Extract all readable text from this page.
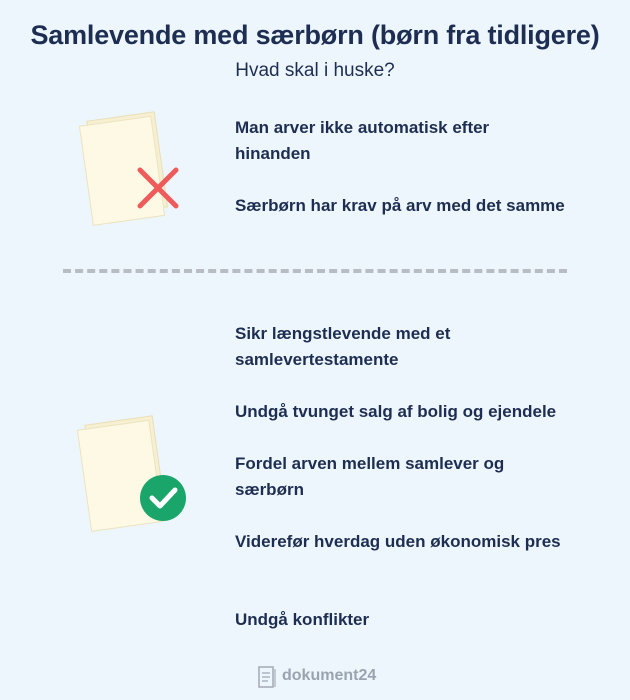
Samlevende med særbørn (børn fra tidligere)
Hvad skal i huske?
Man arver ikke automatisk efter hinanden
Særbørn har krav på arv med det samme
Sikr længstlevende med et samlevertestamente
Undgå tvunget salg af bolig og ejendele
Fordel arven mellem samlever og særbørn
Viderefør hverdag uden økonomisk pres
Undgå konflikter
dokument24
